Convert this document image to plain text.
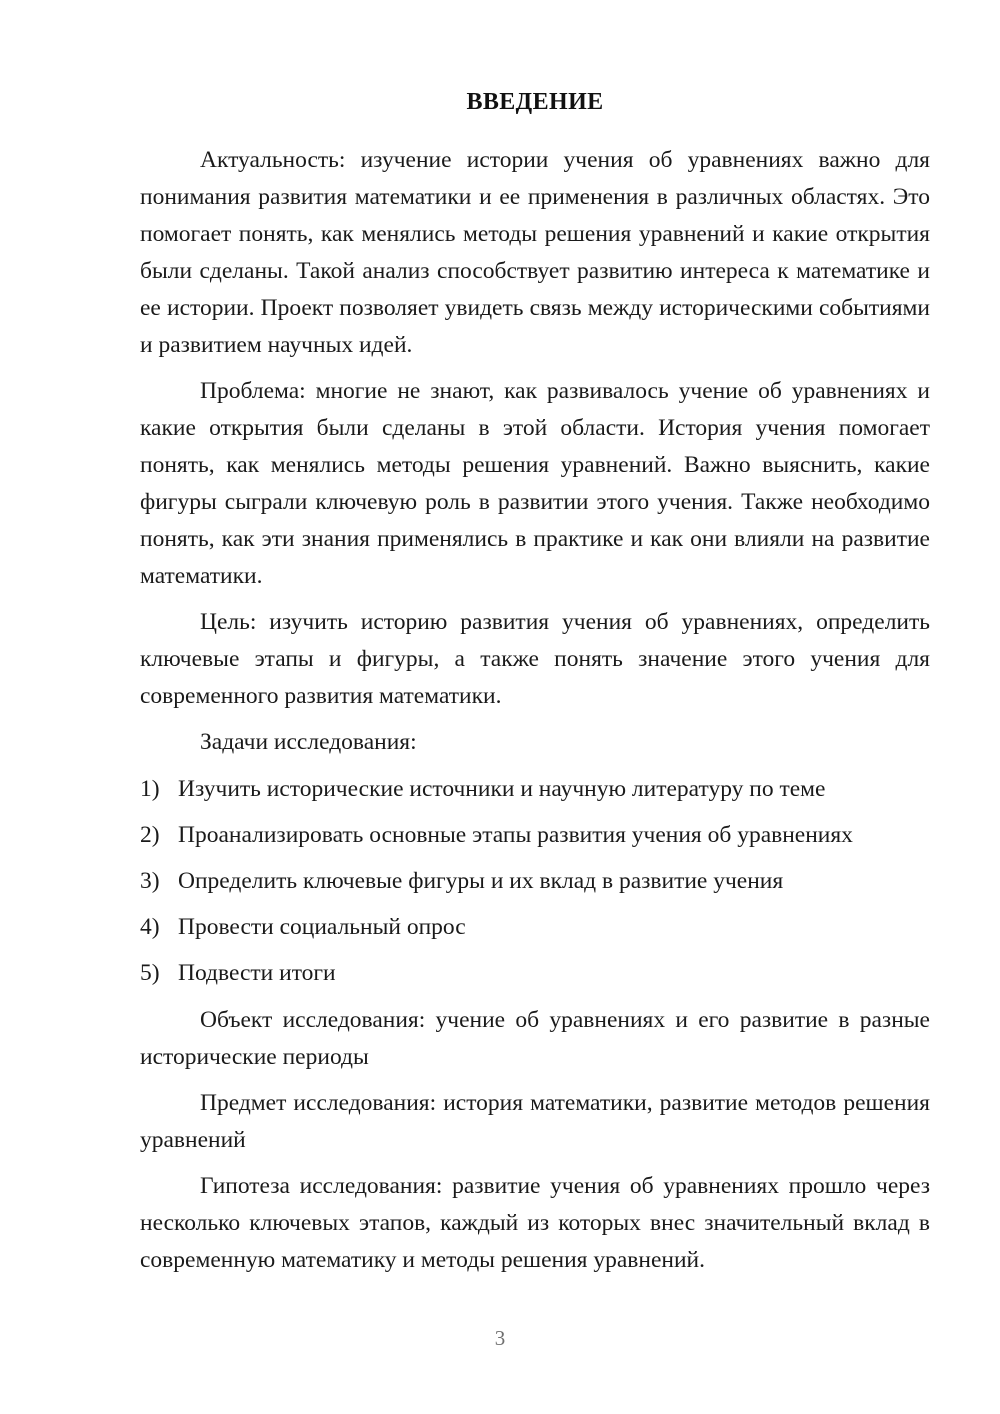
ВВЕДЕНИЕ

Актуальность: изучение истории учения об уравнениях важно для понимания развития математики и ее применения в различных областях. Это помогает понять, как менялись методы решения уравнений и какие открытия были сделаны. Такой анализ способствует развитию интереса к математике и ее истории. Проект позволяет увидеть связь между историческими событиями и развитием научных идей.

Проблема: многие не знают, как развивалось учение об уравнениях и какие открытия были сделаны в этой области. История учения помогает понять, как менялись методы решения уравнений. Важно выяснить, какие фигуры сыграли ключевую роль в развитии этого учения. Также необходимо понять, как эти знания применялись в практике и как они влияли на развитие математики.

Цель: изучить историю развития учения об уравнениях, определить ключевые этапы и фигуры, а также понять значение этого учения для современного развития математики.

Задачи исследования:

1) Изучить исторические источники и научную литературу по теме
2) Проанализировать основные этапы развития учения об уравнениях
3) Определить ключевые фигуры и их вклад в развитие учения
4) Провести социальный опрос
5) Подвести итоги

Объект исследования: учение об уравнениях и его развитие в разные исторические периоды

Предмет исследования: история математики, развитие методов решения уравнений

Гипотеза исследования: развитие учения об уравнениях прошло через несколько ключевых этапов, каждый из которых внес значительный вклад в современную математику и методы решения уравнений.

3
